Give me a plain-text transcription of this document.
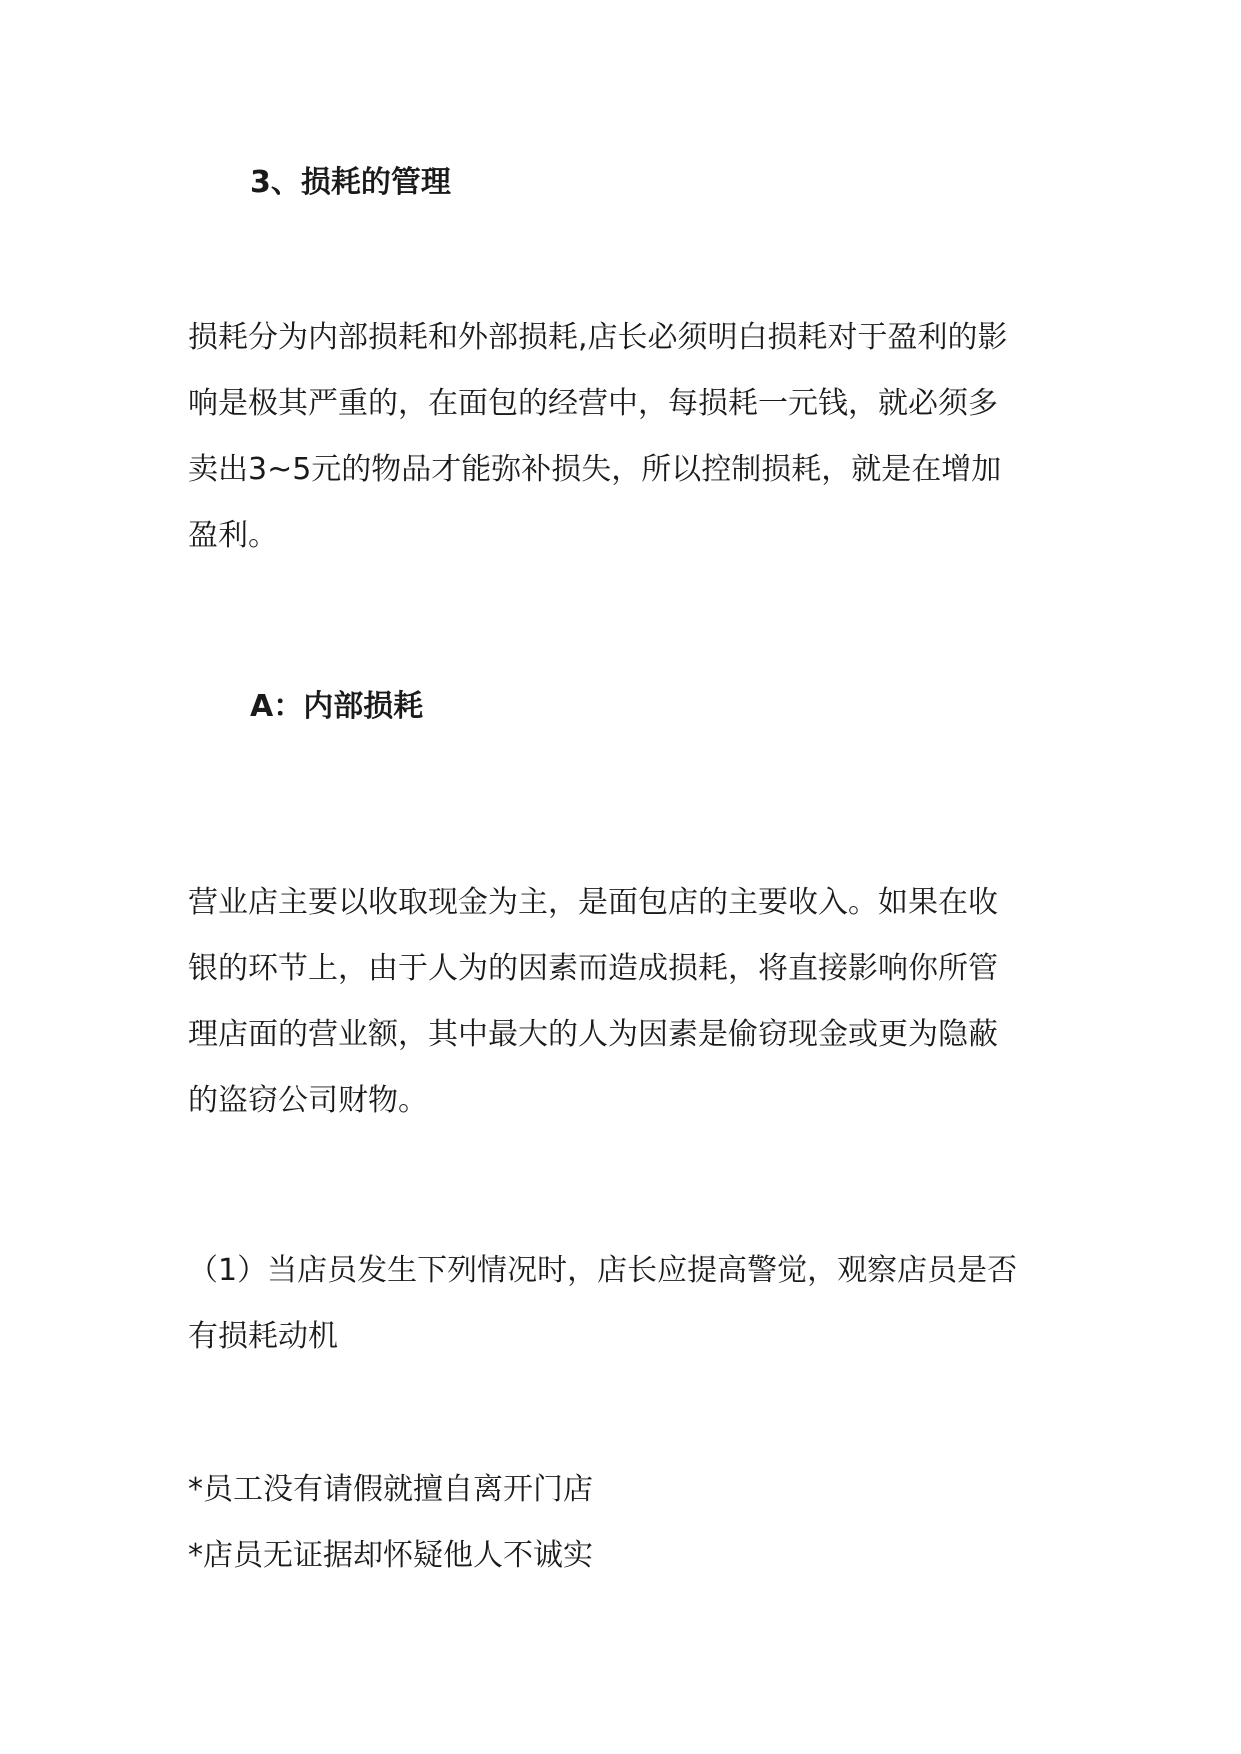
3、损耗的管理
损耗分为内部损耗和外部损耗,店长必须明白损耗对于盈利的影
响是极其严重的，在面包的经营中，每损耗一元钱，就必须多
卖出3~5元的物品才能弥补损失，所以控制损耗，就是在增加
盈利。
A：内部损耗
营业店主要以收取现金为主，是面包店的主要收入。如果在收
银的环节上，由于人为的因素而造成损耗，将直接影响你所管
理店面的营业额，其中最大的人为因素是偷窃现金或更为隐蔽
的盗窃公司财物。
（1）当店员发生下列情况时，店长应提高警觉，观察店员是否
有损耗动机

*员工没有请假就擅自离开门店

*店员无证据却怀疑他人不诚实
